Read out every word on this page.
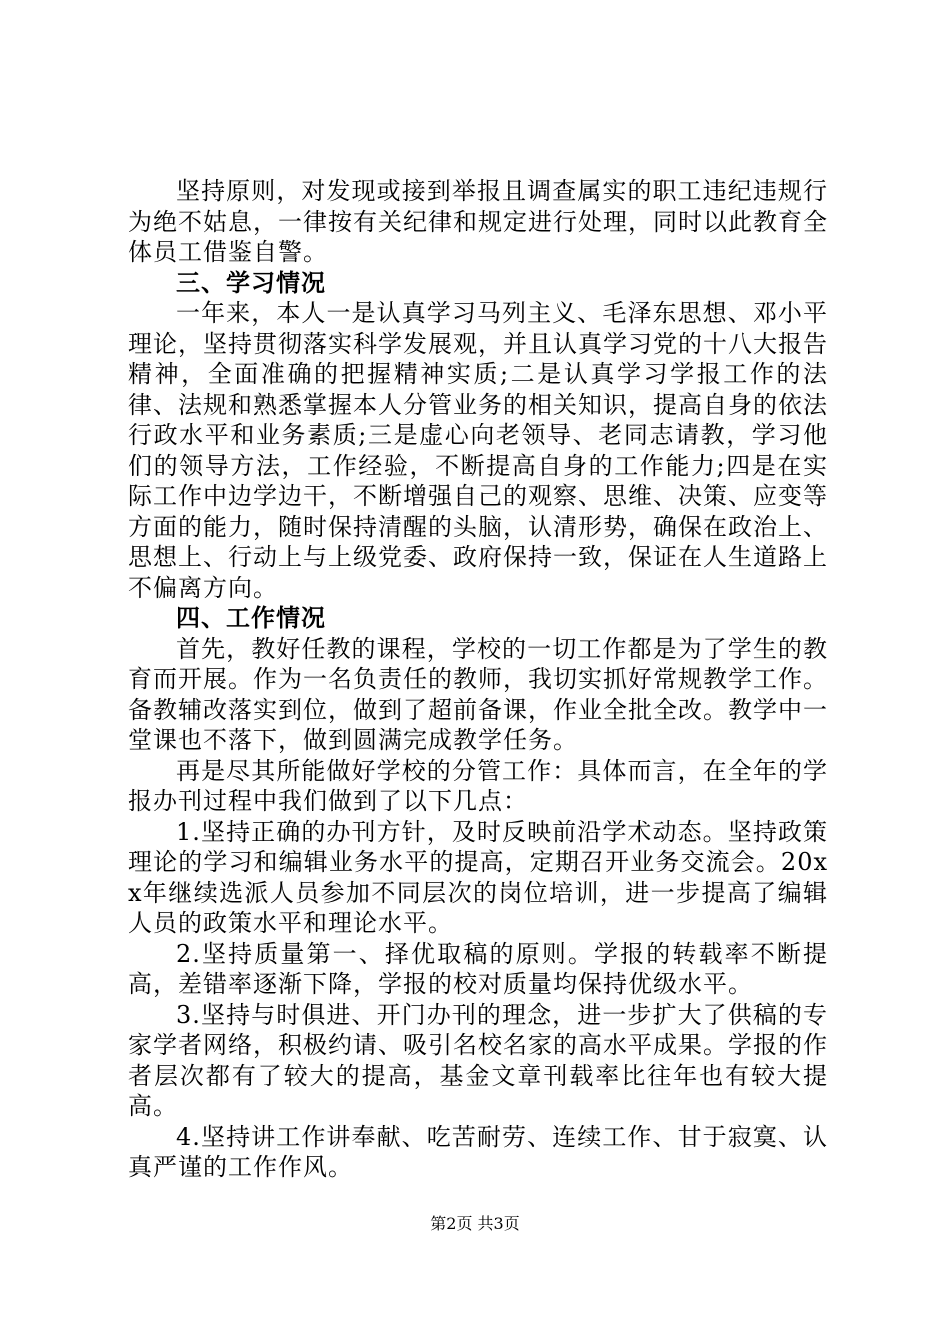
坚持原则，对发现或接到举报且调查属实的职工违纪违规行为绝不姑息，一律按有关纪律和规定进行处理，同时以此教育全体员工借鉴自警。

三、学习情况

一年来，本人一是认真学习马列主义、毛泽东思想、邓小平理论，坚持贯彻落实科学发展观，并且认真学习党的十八大报告精神，全面准确的把握精神实质;二是认真学习学报工作的法律、法规和熟悉掌握本人分管业务的相关知识，提高自身的依法行政水平和业务素质;三是虚心向老领导、老同志请教，学习他们的领导方法，工作经验，不断提高自身的工作能力;四是在实际工作中边学边干，不断增强自己的观察、思维、决策、应变等方面的能力，随时保持清醒的头脑，认清形势，确保在政治上、思想上、行动上与上级党委、政府保持一致，保证在人生道路上不偏离方向。

四、工作情况

首先，教好任教的课程，学校的一切工作都是为了学生的教育而开展。作为一名负责任的教师，我切实抓好常规教学工作。备教辅改落实到位，做到了超前备课，作业全批全改。教学中一堂课也不落下，做到圆满完成教学任务。

再是尽其所能做好学校的分管工作：具体而言，在全年的学报办刊过程中我们做到了以下几点：

1.坚持正确的办刊方针，及时反映前沿学术动态。坚持政策理论的学习和编辑业务水平的提高，定期召开业务交流会。20xx年继续选派人员参加不同层次的岗位培训，进一步提高了编辑人员的政策水平和理论水平。

2.坚持质量第一、择优取稿的原则。学报的转载率不断提高，差错率逐渐下降，学报的校对质量均保持优级水平。

3.坚持与时俱进、开门办刊的理念，进一步扩大了供稿的专家学者网络，积极约请、吸引名校名家的高水平成果。学报的作者层次都有了较大的提高，基金文章刊载率比往年也有较大提高。

4.坚持讲工作讲奉献、吃苦耐劳、连续工作、甘于寂寞、认真严谨的工作作风。

第2页 共3页
